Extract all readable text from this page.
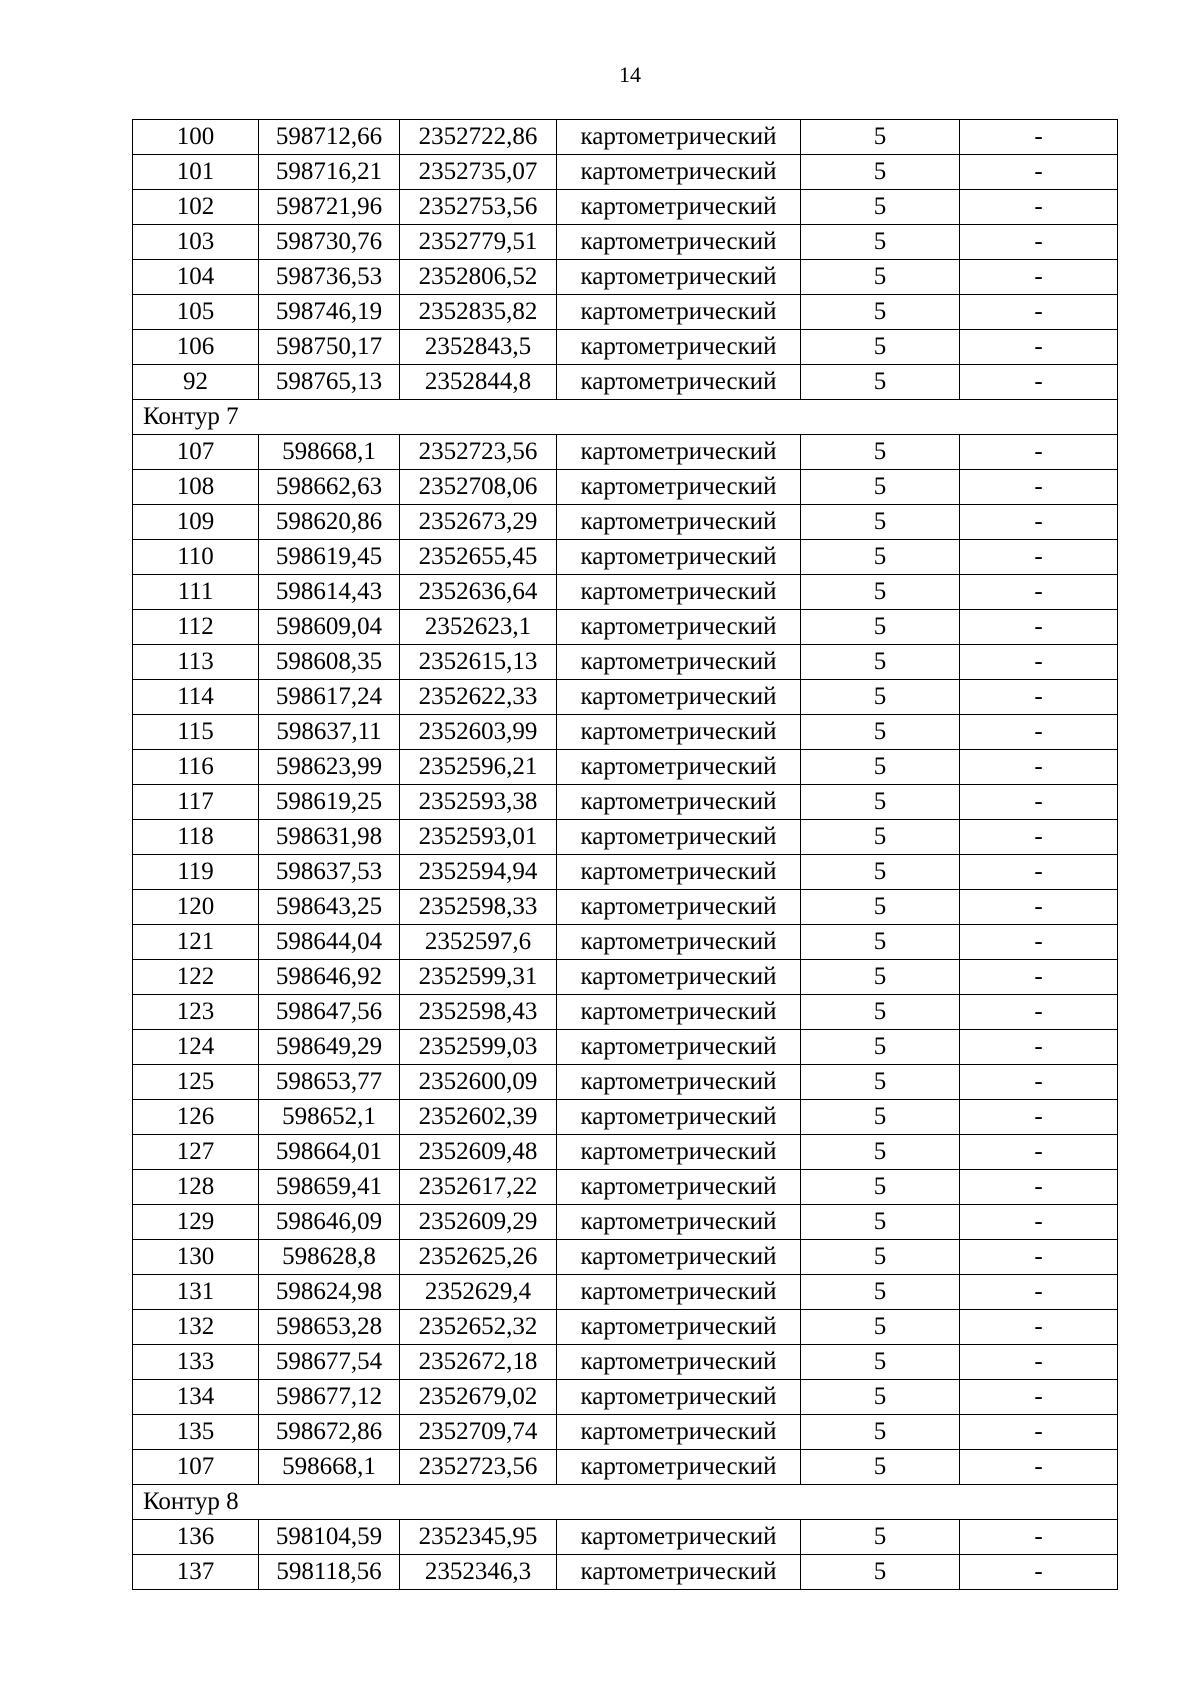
14
100	598712,66	2352722,86	картометрический	5	-
101	598716,21	2352735,07	картометрический	5	-
102	598721,96	2352753,56	картометрический	5	-
103	598730,76	2352779,51	картометрический	5	-
104	598736,53	2352806,52	картометрический	5	-
105	598746,19	2352835,82	картометрический	5	-
106	598750,17	2352843,5	картометрический	5	-
92	598765,13	2352844,8	картометрический	5	-
Контур 7					
107	598668,1	2352723,56	картометрический	5	-
108	598662,63	2352708,06	картометрический	5	-
109	598620,86	2352673,29	картометрический	5	-
110	598619,45	2352655,45	картометрический	5	-
111	598614,43	2352636,64	картометрический	5	-
112	598609,04	2352623,1	картометрический	5	-
113	598608,35	2352615,13	картометрический	5	-
114	598617,24	2352622,33	картометрический	5	-
115	598637,11	2352603,99	картометрический	5	-
116	598623,99	2352596,21	картометрический	5	-
117	598619,25	2352593,38	картометрический	5	-
118	598631,98	2352593,01	картометрический	5	-
119	598637,53	2352594,94	картометрический	5	-
120	598643,25	2352598,33	картометрический	5	-
121	598644,04	2352597,6	картометрический	5	-
122	598646,92	2352599,31	картометрический	5	-
123	598647,56	2352598,43	картометрический	5	-
124	598649,29	2352599,03	картометрический	5	-
125	598653,77	2352600,09	картометрический	5	-
126	598652,1	2352602,39	картометрический	5	-
127	598664,01	2352609,48	картометрический	5	-
128	598659,41	2352617,22	картометрический	5	-
129	598646,09	2352609,29	картометрический	5	-
130	598628,8	2352625,26	картометрический	5	-
131	598624,98	2352629,4	картометрический	5	-
132	598653,28	2352652,32	картометрический	5	-
133	598677,54	2352672,18	картометрический	5	-
134	598677,12	2352679,02	картометрический	5	-
135	598672,86	2352709,74	картометрический	5	-
107	598668,1	2352723,56	картометрический	5	-
Контур 8					
136	598104,59	2352345,95	картометрический	5	-
137	598118,56	2352346,3	картометрический	5	-
